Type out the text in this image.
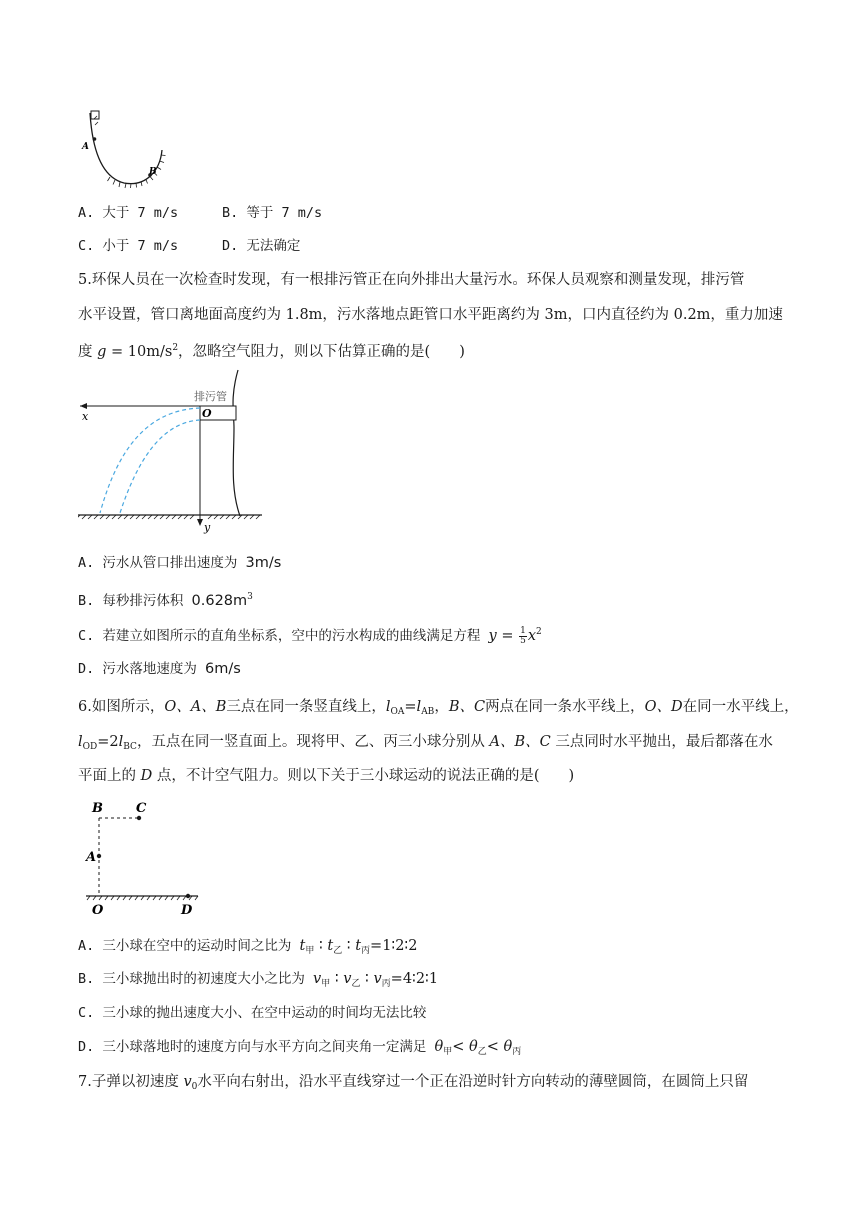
A
B
A. 大于 7 m/s	B. 等于 7 m/s
C. 小于 7 m/s	D. 无法确定
5.环保人员在一次检查时发现，有一根排污管正在向外排出大量污水。环保人员观察和测量发现，排污管
水平设置，管口离地面高度约为 1.8m，污水落地点距管口水平距离约为 3m，口内直径约为 0.2m，重力加速
度 $g = 10m/s^2$，忽略空气阻力，则以下估算正确的是(　　)
排污管
O
x
y
A. 污水从管口排出速度为 3m/s
B. 每秒排污体积 $0.628m^3$
C. 若建立如图所示的直角坐标系，空中的污水构成的曲线满足方程 $y = \frac{1}{5} x^2$
D. 污水落地速度为 6m/s
6.如图所示，O、A、B三点在同一条竖直线上，$l_{OA}=l_{AB}$，B、C两点在同一条水平线上，O、D在同一水平线上，
$l_{OD}=2l_{BC}$，五点在同一竖直面上。现将甲、乙、丙三小球分别从 A、B、C 三点同时水平抛出，最后都落在水
平面上的 D 点，不计空气阻力。则以下关于三小球运动的说法正确的是(　　)
B	C
A
O	D
A. 三小球在空中的运动时间之比为 $t_甲$ ∶ $t_乙$ ∶ $t_丙=1∶2∶2$
B. 三小球抛出时的初速度大小之比为 $v_甲$ ∶ $v_乙$ ∶ $v_丙=4∶2∶1$
C. 三小球的抛出速度大小、在空中运动的时间均无法比较
D. 三小球落地时的速度方向与水平方向之间夹角一定满足 $\theta_甲< \theta_乙< \theta_丙$
7.子弹以初速度 $v_0$水平向右射出，沿水平直线穿过一个正在沿逆时针方向转动的薄壁圆筒，在圆筒上只留
